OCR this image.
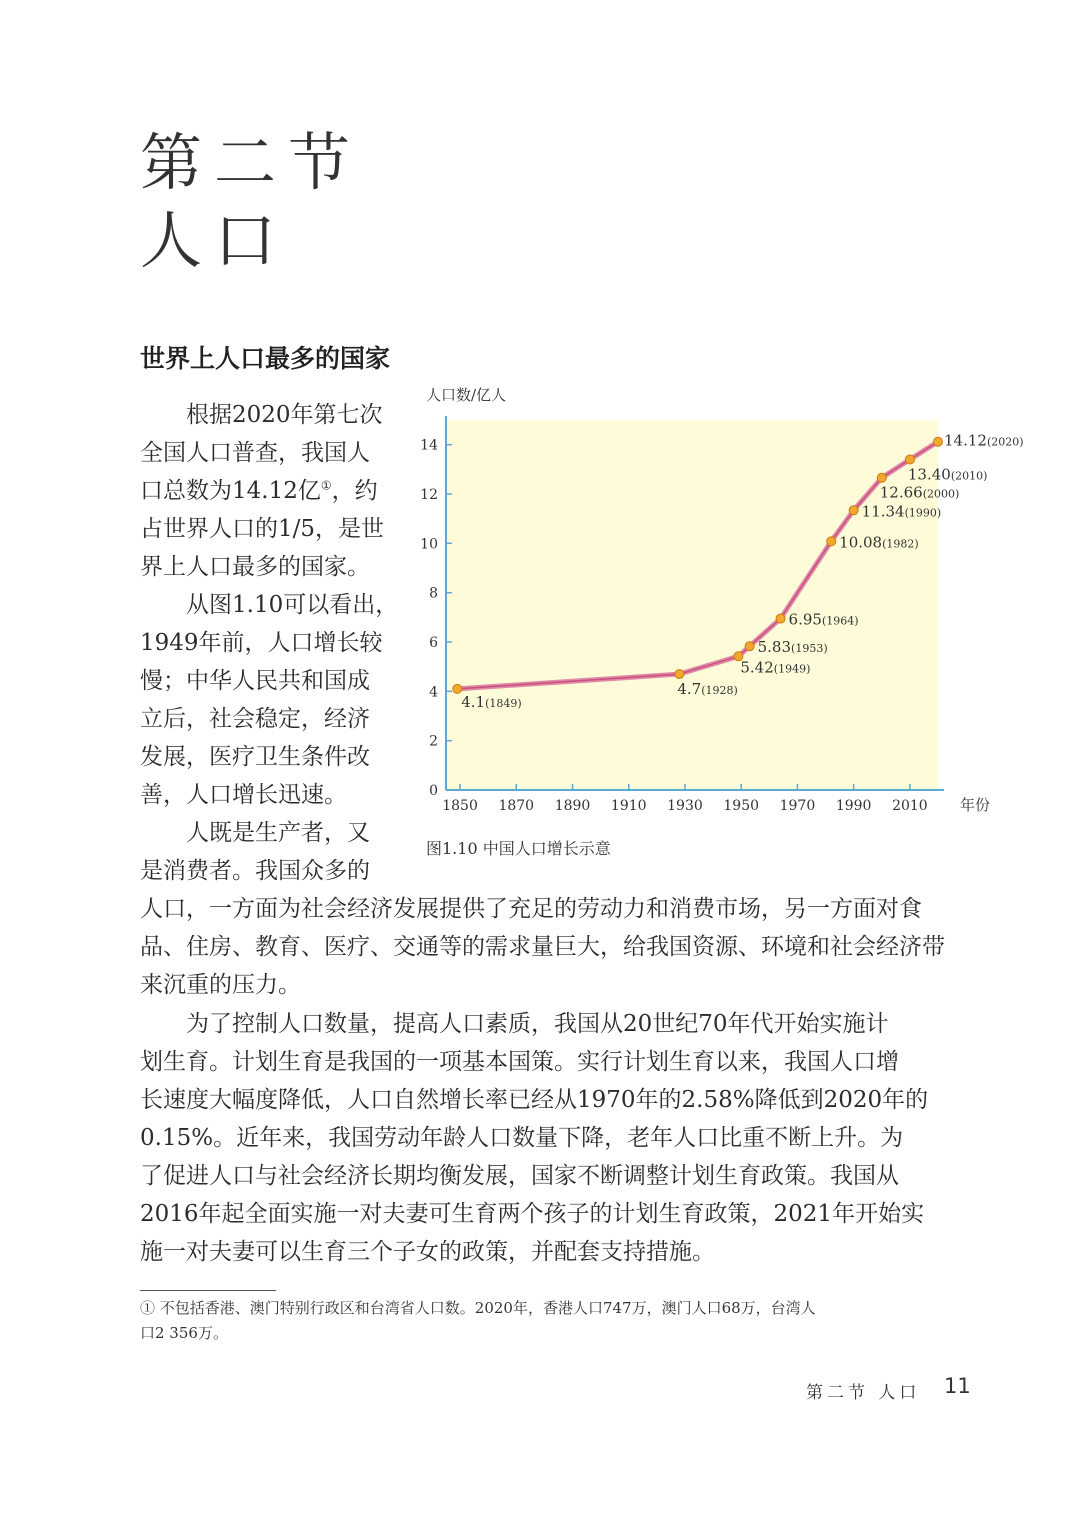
第二节
人口
世界上人口最多的国家
根据2020年第七次
全国人口普查，我国人
口总数为14.12亿①，约
占世界人口的1/5，是世
界上人口最多的国家。
从图1.10可以看出，
1949年前，人口增长较
慢；中华人民共和国成
立后，社会稳定，经济
发展，医疗卫生条件改
善，人口增长迅速。
人既是生产者，又
是消费者。我国众多的
人口，一方面为社会经济发展提供了充足的劳动力和消费市场，另一方面对食
品、住房、教育、医疗、交通等的需求量巨大，给我国资源、环境和社会经济带
来沉重的压力。
为了控制人口数量，提高人口素质，我国从20世纪70年代开始实施计
划生育。计划生育是我国的一项基本国策。实行计划生育以来，我国人口增
长速度大幅度降低，人口自然增长率已经从1970年的2.58%降低到2020年的
0.15%。近年来，我国劳动年龄人口数量下降，老年人口比重不断上升。为
了促进人口与社会经济长期均衡发展，国家不断调整计划生育政策。我国从
2016年起全面实施一对夫妻可生育两个孩子的计划生育政策，2021年开始实
施一对夫妻可以生育三个子女的政策，并配套支持措施。
0
2
4
6
8
10
12
14
1850 1870 1890 1910 1930 1950 1970 1990 2010
人口数/亿人
年份
4.1(1849)
4.7(1928)
5.42(1949)
5.83(1953)
6.95(1964)
10.08(1982)
11.34(1990)
12.66(2000)
13.40(2010)
14.12(2020)
图1.10 中国人口增长示意
① 不包括香港、澳门特别行政区和台湾省人口数。2020年，香港人口747万，澳门人口68万，台湾人
口2 356万。
第二节 人口 11
